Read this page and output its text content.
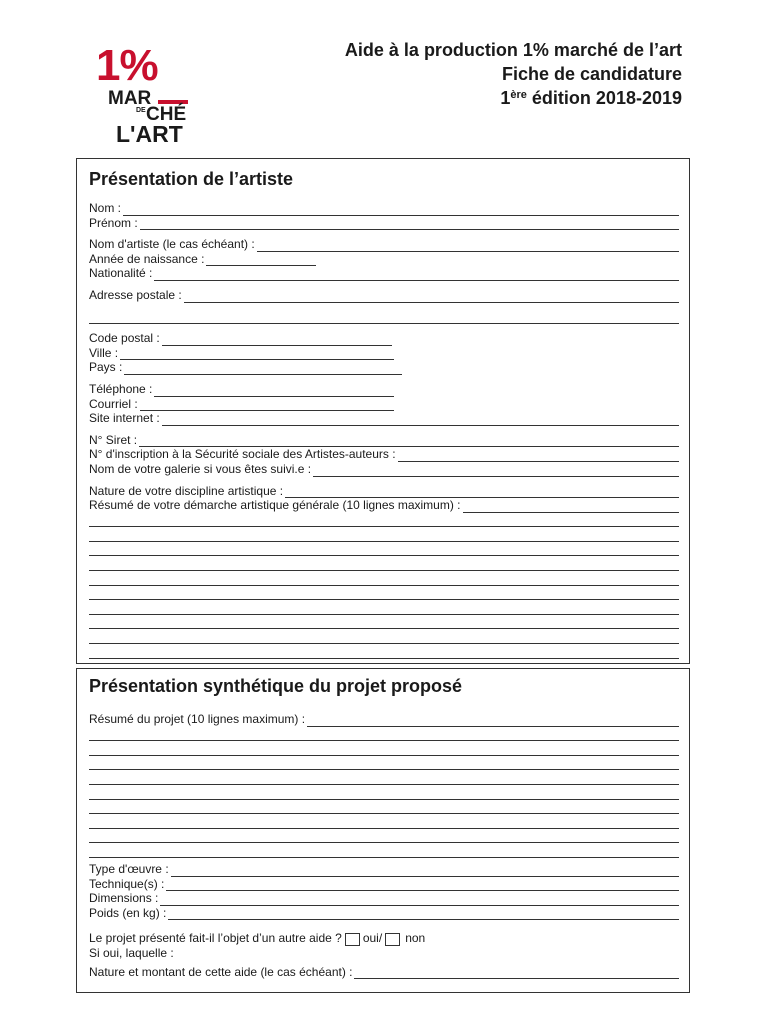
1%
MAR
DE CHÉ
L'ART
Aide à la production 1% marché de l’art
Fiche de candidature
1ère édition 2018-2019
Présentation de l’artiste
Nom :
Prénom :
Nom d'artiste (le cas échéant) :
Année de naissance :
Nationalité :
Adresse postale :
Code postal :
Ville :
Pays :
Téléphone :
Courriel :
Site internet :
N° Siret :
N° d'inscription à la Sécurité sociale des Artistes-auteurs :
Nom de votre galerie si vous êtes suivi.e :
Nature de votre discipline artistique :
Résumé de votre démarche artistique générale (10 lignes maximum) :
Présentation synthétique du projet proposé
Résumé du projet (10 lignes maximum) :
Type d'œuvre :
Technique(s) :
Dimensions :
Poids (en kg) :
Le projet présenté fait-il l’objet d’un autre aide ? oui/ non
Si oui, laquelle :
Nature et montant de cette aide (le cas échéant) :
